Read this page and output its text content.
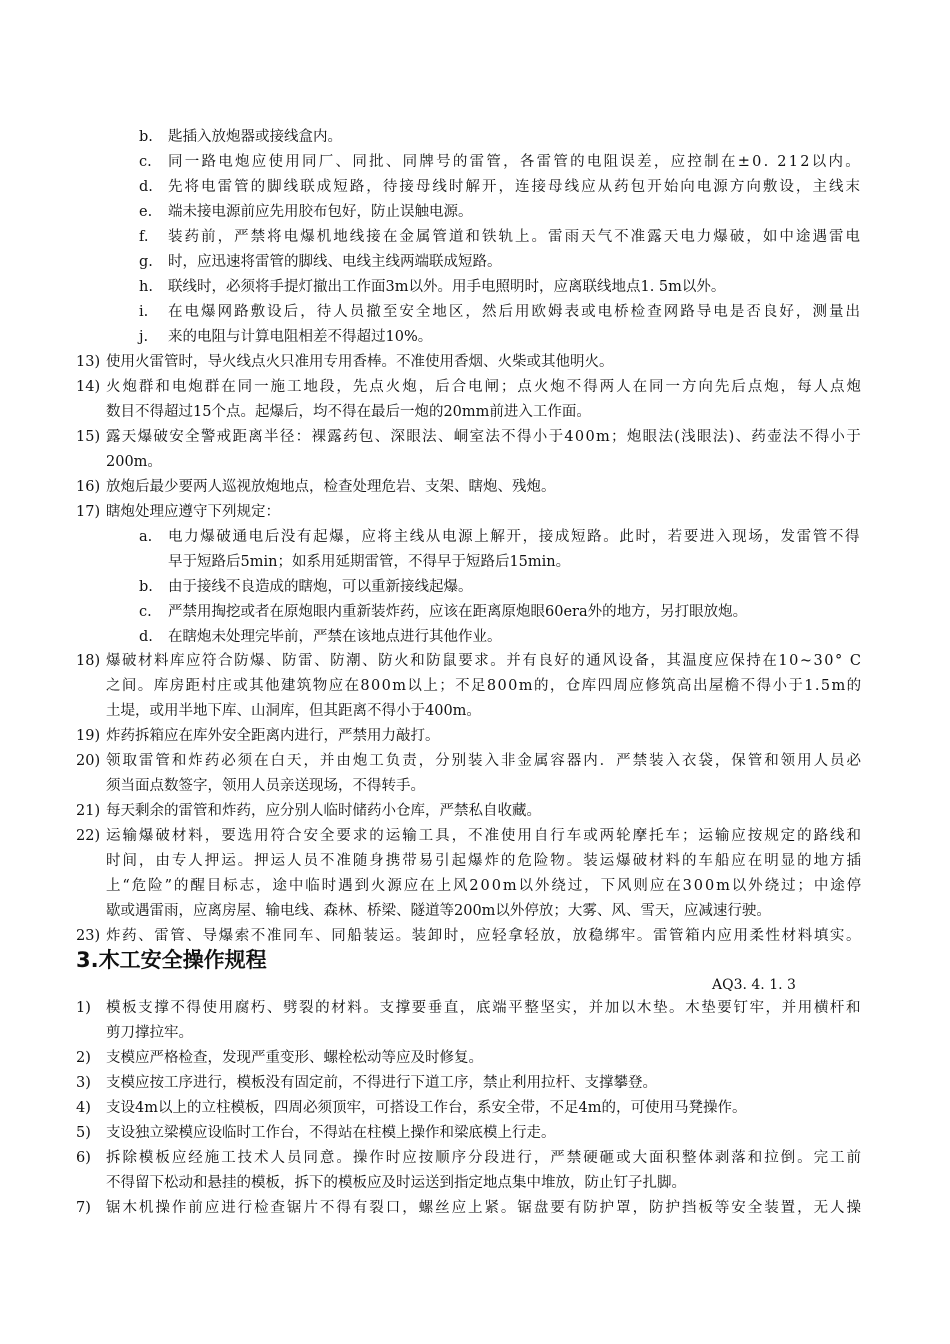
b. 匙插入放炮器或接线盒内。
c. 同一路电炮应使用同厂、同批、同牌号的雷管，各雷管的电阻误差，应控制在±0. 212以内。
d. 先将电雷管的脚线联成短路，待接母线时解开，连接母线应从药包开始向电源方向敷设，主线末
e. 端未接电源前应先用胶布包好，防止误触电源。
f. 装药前，严禁将电爆机地线接在金属管道和铁轨上。雷雨天气不准露天电力爆破，如中途遇雷电
g. 时，应迅速将雷管的脚线、电线主线两端联成短路。
h. 联线时，必须将手提灯撤出工作面3m以外。用手电照明时，应离联线地点1. 5m以外。
i. 在电爆网路敷设后，待人员撤至安全地区，然后用欧姆表或电桥检查网路导电是否良好，测量出
j. 来的电阻与计算电阻相差不得超过10%。
13) 使用火雷管时，导火线点火只准用专用香棒。不准使用香烟、火柴或其他明火。
14) 火炮群和电炮群在同一施工地段，先点火炮，后合电闸；点火炮不得两人在同一方向先后点炮，每人点炮
数目不得超过15个点。起爆后，均不得在最后一炮的20mm前进入工作面。
15) 露天爆破安全警戒距离半径：裸露药包、深眼法、峒室法不得小于400m；炮眼法(浅眼法)、药壶法不得小于
200m。
16) 放炮后最少要两人巡视放炮地点，检查处理危岩、支架、瞎炮、残炮。
17) 瞎炮处理应遵守下列规定：
a. 电力爆破通电后没有起爆，应将主线从电源上解开，接成短路。此时，若要进入现场，发雷管不得
早于短路后5min；如系用延期雷管，不得早于短路后15min。
b. 由于接线不良造成的瞎炮，可以重新接线起爆。
c. 严禁用掏挖或者在原炮眼内重新装炸药，应该在距离原炮眼60era外的地方，另打眼放炮。
d. 在瞎炮未处理完毕前，严禁在该地点进行其他作业。
18) 爆破材料库应符合防爆、防雷、防潮、防火和防鼠要求。并有良好的通风设备，其温度应保持在10~30° C
之间。库房距村庄或其他建筑物应在800m以上；不足800m的，仓库四周应修筑高出屋檐不得小于1.5m的
土堤，或用半地下库、山洞库，但其距离不得小于400m。
19) 炸药拆箱应在库外安全距离内进行，严禁用力敲打。
20) 领取雷管和炸药必须在白天，并由炮工负责，分别装入非金属容器内．严禁装入衣袋，保管和领用人员必
须当面点数签字，领用人员亲送现场，不得转手。
21) 每天剩余的雷管和炸药，应分别人临时储药小仓库，严禁私自收藏。
22) 运输爆破材料，要选用符合安全要求的运输工具，不准使用自行车或两轮摩托车；运输应按规定的路线和
时间，由专人押运。押运人员不准随身携带易引起爆炸的危险物。装运爆破材料的车船应在明显的地方插
上“危险”的醒目标志，途中临时遇到火源应在上风200m以外绕过，下风则应在300m以外绕过；中途停
歇或遇雷雨，应离房屋、输电线、森林、桥梁、隧道等200m以外停放；大雾、风、雪天，应减速行驶。
23) 炸药、雷管、导爆索不准同车、同船装运。装卸时，应轻拿轻放，放稳绑牢。雷管箱内应用柔性材料填实。
1) 模板支撑不得使用腐朽、劈裂的材料。支撑要垂直，底端平整坚实，并加以木垫。木垫要钉牢，并用横杆和
剪刀撑拉牢。
2) 支模应严格检查，发现严重变形、螺栓松动等应及时修复。
3) 支模应按工序进行，模板没有固定前，不得进行下道工序，禁止利用拉杆、支撑攀登。
4) 支设4m以上的立柱模板，四周必须顶牢，可搭设工作台，系安全带，不足4m的，可使用马凳操作。
5) 支设独立梁模应设临时工作台，不得站在柱模上操作和梁底模上行走。
6) 拆除模板应经施工技术人员同意。操作时应按顺序分段进行，严禁硬砸或大面积整体剥落和拉倒。完工前
不得留下松动和悬挂的模板，拆下的模板应及时运送到指定地点集中堆放，防止钉子扎脚。
7) 锯木机操作前应进行检查锯片不得有裂口，螺丝应上紧。锯盘要有防护罩，防护挡板等安全装置，无人操
3.木工安全操作规程
AQ3. 4. 1. 3
